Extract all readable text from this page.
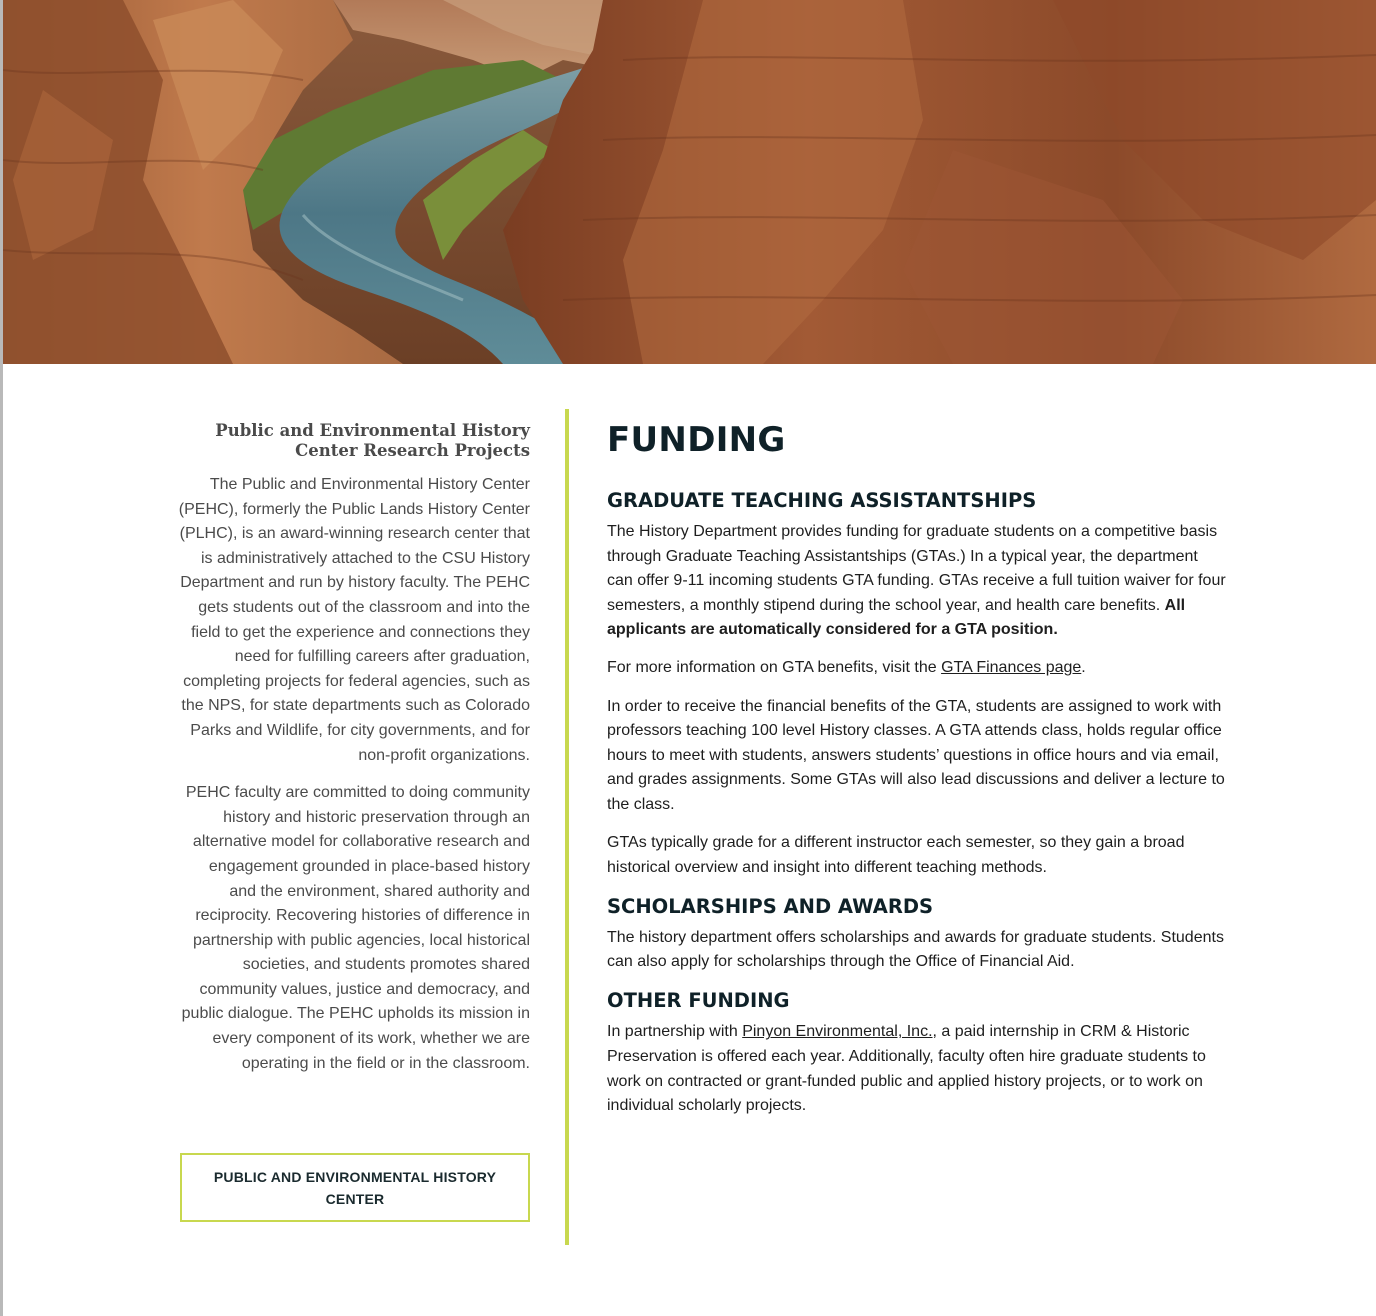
Public and Environmental History Center Research Projects

The Public and Environmental History Center (PEHC), formerly the Public Lands History Center (PLHC), is an award-winning research center that is administratively attached to the CSU History Department and run by history faculty. The PEHC gets students out of the classroom and into the field to get the experience and connections they need for fulfilling careers after graduation, completing projects for federal agencies, such as the NPS, for state departments such as Colorado Parks and Wildlife, for city governments, and for non-profit organizations.

PEHC faculty are committed to doing community history and historic preservation through an alternative model for collaborative research and engagement grounded in place-based history and the environment, shared authority and reciprocity. Recovering histories of difference in partnership with public agencies, local historical societies, and students promotes shared community values, justice and democracy, and public dialogue. The PEHC upholds its mission in every component of its work, whether we are operating in the field or in the classroom.

PUBLIC AND ENVIRONMENTAL HISTORY CENTER
FUNDING
GRADUATE TEACHING ASSISTANTSHIPS

The History Department provides funding for graduate students on a competitive basis through Graduate Teaching Assistantships (GTAs.) In a typical year, the department can offer 9-11 incoming students GTA funding. GTAs receive a full tuition waiver for four semesters, a monthly stipend during the school year, and health care benefits. All applicants are automatically considered for a GTA position.

For more information on GTA benefits, visit the GTA Finances page.

In order to receive the financial benefits of the GTA, students are assigned to work with professors teaching 100 level History classes. A GTA attends class, holds regular office hours to meet with students, answers students’ questions in office hours and via email, and grades assignments. Some GTAs will also lead discussions and deliver a lecture to the class.

GTAs typically grade for a different instructor each semester, so they gain a broad historical overview and insight into different teaching methods.

SCHOLARSHIPS AND AWARDS

The history department offers scholarships and awards for graduate students. Students can also apply for scholarships through the Office of Financial Aid.

OTHER FUNDING

In partnership with Pinyon Environmental, Inc., a paid internship in CRM & Historic Preservation is offered each year. Additionally, faculty often hire graduate students to work on contracted or grant-funded public and applied history projects, or to work on individual scholarly projects.
